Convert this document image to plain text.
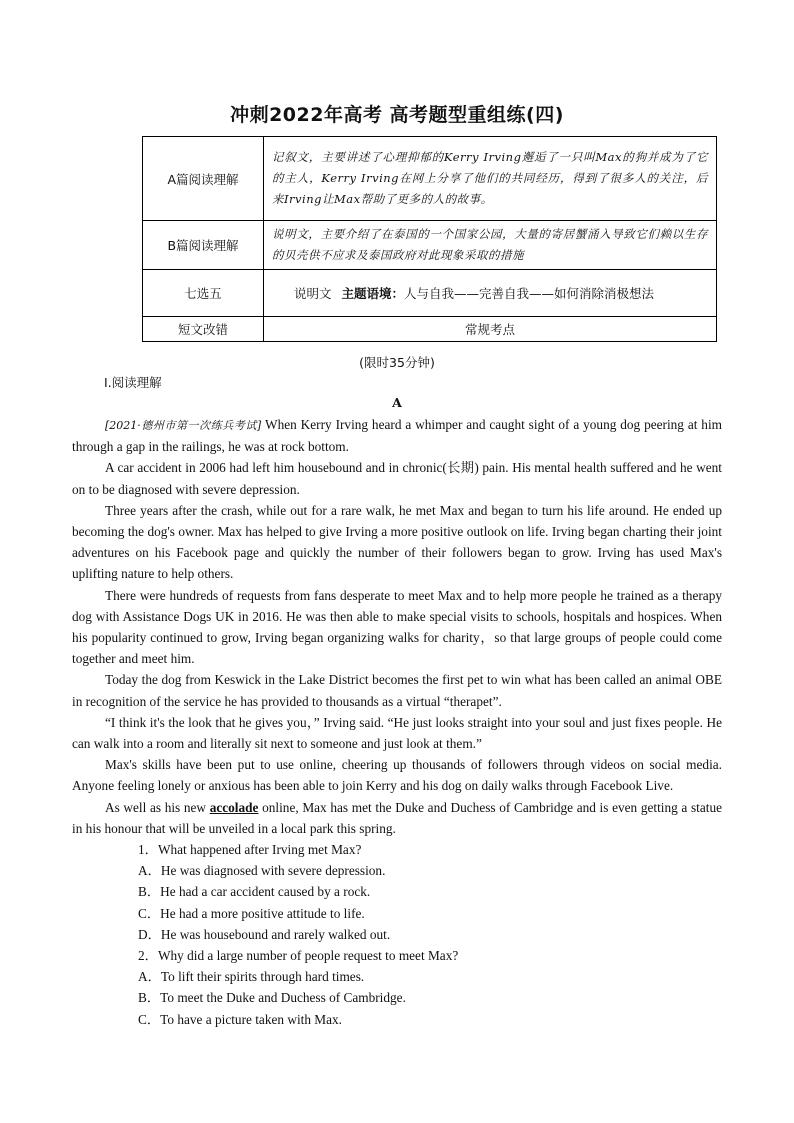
冲刺2022年高考 高考题型重组练(四)
A篇阅读理解	记叙文，主要讲述了心理抑郁的Kerry Irving邂逅了一只叫Max的狗并成为了它的主人，Kerry Irving在网上分享了他们的共同经历，得到了很多人的关注，后来Irving让Max帮助了更多的人的故事。
B篇阅读理解	说明文，主要介绍了在泰国的一个国家公园，大量的寄居蟹涌入导致它们赖以生存的贝壳供不应求及泰国政府对此现象采取的措施
七选五	说明文 主题语境：人与自我——完善自我——如何消除消极想法
短文改错	常规考点
(限时35分钟)
Ⅰ.阅读理解
A

[2021·德州市第一次练兵考试] When Kerry Irving heard a whimper and caught sight of a young dog peering at him through a gap in the railings, he was at rock bottom.

A car accident in 2006 had left him housebound and in chronic(长期) pain. His mental health suffered and he went on to be diagnosed with severe depression.

Three years after the crash, while out for a rare walk, he met Max and began to turn his life around. He ended up becoming the dog's owner. Max has helped to give Irving a more positive outlook on life. Irving began charting their joint adventures on his Facebook page and quickly the number of their followers began to grow. Irving has used Max's uplifting nature to help others.

There were hundreds of requests from fans desperate to meet Max and to help more people he trained as a therapy dog with Assistance Dogs UK in 2016. He was then able to make special visits to schools, hospitals and hospices. When his popularity continued to grow, Irving began organizing walks for charity，so that large groups of people could come together and meet him.

Today the dog from Keswick in the Lake District becomes the first pet to win what has been called an animal OBE in recognition of the service he has provided to thousands as a virtual “therapet”.

“I think it's the look that he gives you，” Irving said. “He just looks straight into your soul and just fixes people. He can walk into a room and literally sit next to someone and just look at them.”

Max's skills have been put to use online, cheering up thousands of followers through videos on social media. Anyone feeling lonely or anxious has been able to join Kerry and his dog on daily walks through Facebook Live.

As well as his new accolade online, Max has met the Duke and Duchess of Cambridge and is even getting a statue in his honour that will be unveiled in a local park this spring.

1．What happened after Irving met Max?

A．He was diagnosed with severe depression.

B．He had a car accident caused by a rock.

C．He had a more positive attitude to life.

D．He was housebound and rarely walked out.

2．Why did a large number of people request to meet Max?

A．To lift their spirits through hard times.

B．To meet the Duke and Duchess of Cambridge.

C．To have a picture taken with Max.
